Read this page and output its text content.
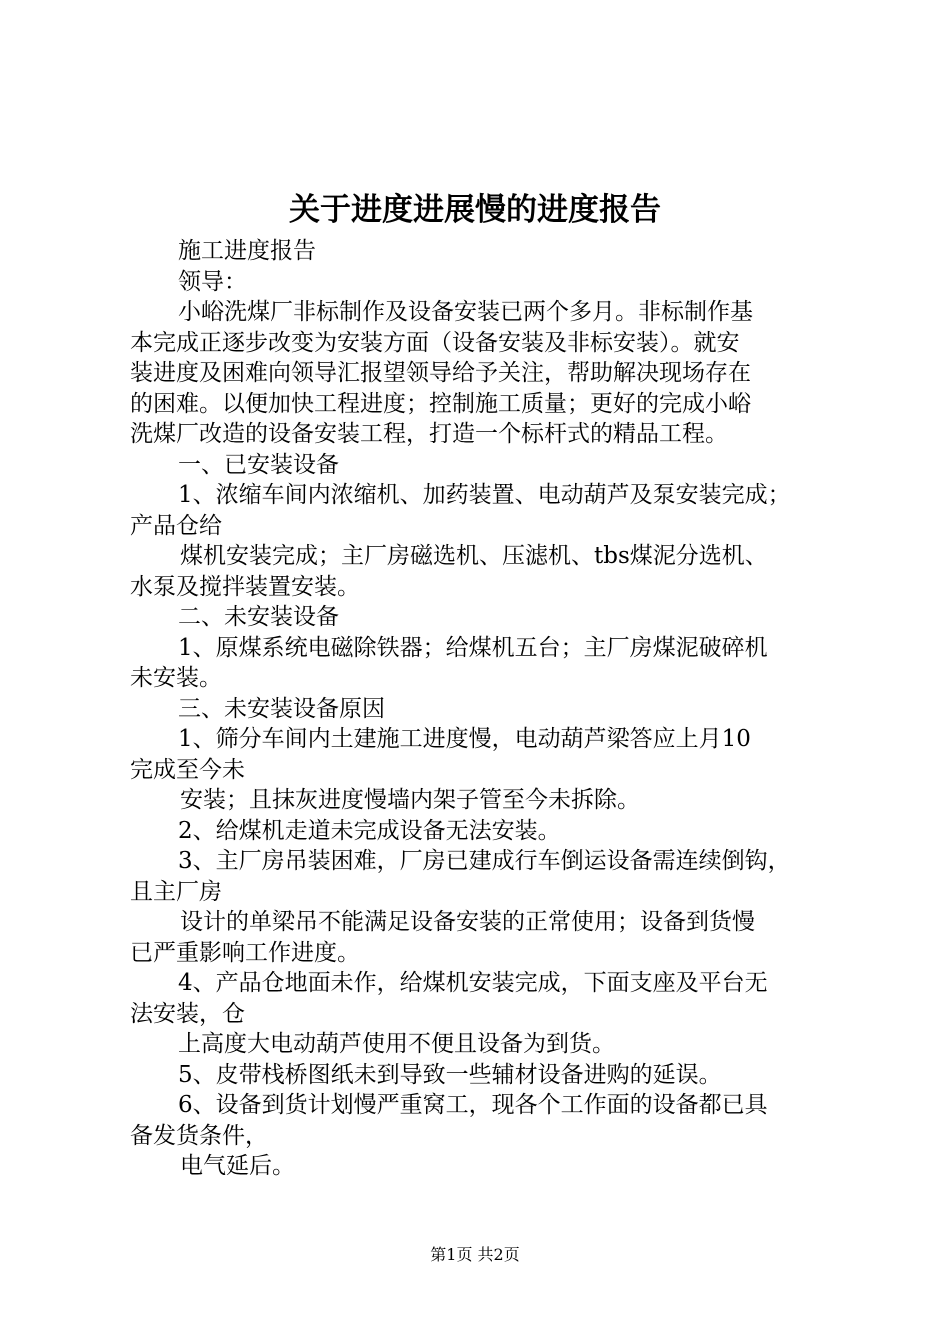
关于进度进展慢的进度报告

施工进度报告

领导：

小峪洗煤厂非标制作及设备安装已两个多月。非标制作基

本完成正逐步改变为安装方面（设备安装及非标安装）。就安

装进度及困难向领导汇报望领导给予关注，帮助解决现场存在

的困难。以便加快工程进度；控制施工质量；更好的完成小峪

洗煤厂改造的设备安装工程，打造一个标杆式的精品工程。

一、已安装设备

1、浓缩车间内浓缩机、加药装置、电动葫芦及泵安装完成；

产品仓给

煤机安装完成；主厂房磁选机、压滤机、tbs煤泥分选机、

水泵及搅拌装置安装。

二、未安装设备

1、原煤系统电磁除铁器；给煤机五台；主厂房煤泥破碎机

未安装。

三、未安装设备原因

1、筛分车间内土建施工进度慢，电动葫芦梁答应上月10

完成至今未

安装；且抹灰进度慢墙内架子管至今未拆除。

2、给煤机走道未完成设备无法安装。

3、主厂房吊装困难，厂房已建成行车倒运设备需连续倒钩，

且主厂房

设计的单梁吊不能满足设备安装的正常使用；设备到货慢

已严重影响工作进度。

4、产品仓地面未作，给煤机安装完成，下面支座及平台无

法安装，仓

上高度大电动葫芦使用不便且设备为到货。

5、皮带栈桥图纸未到导致一些辅材设备进购的延误。

6、设备到货计划慢严重窝工，现各个工作面的设备都已具

备发货条件，

电气延后。

第1页 共2页
